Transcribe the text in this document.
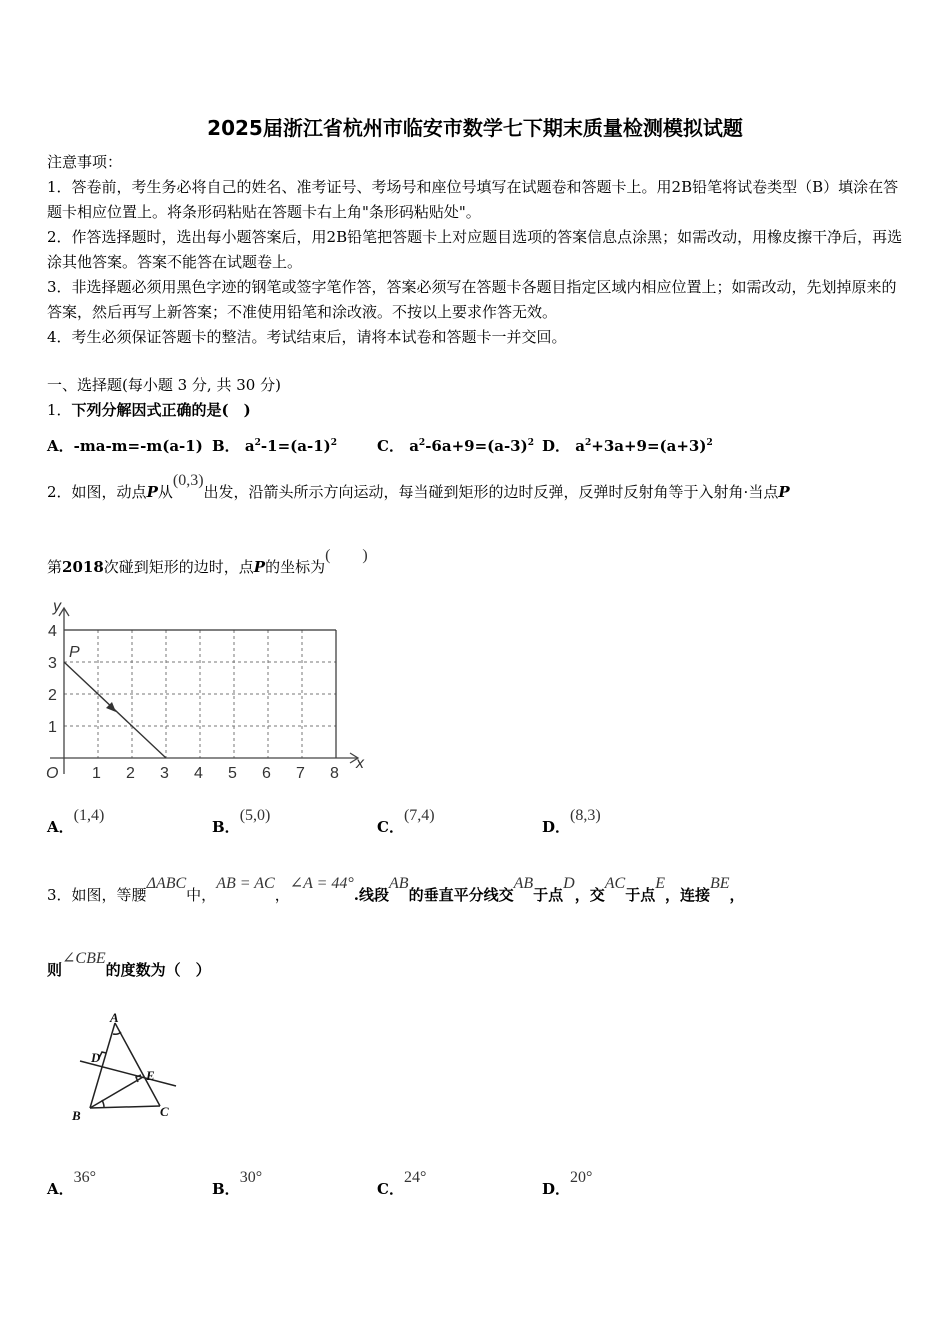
2025届浙江省杭州市临安市数学七下期末质量检测模拟试题

注意事项：

1．答卷前，考生务必将自己的姓名、准考证号、考场号和座位号填写在试题卷和答题卡上。用2B铅笔将试卷类型（B）填涂在答题卡相应位置上。将条形码粘贴在答题卡右上角"条形码粘贴处"。

2．作答选择题时，选出每小题答案后，用2B铅笔把答题卡上对应题目选项的答案信息点涂黑；如需改动，用橡皮擦干净后，再选涂其他答案。答案不能答在试题卷上。

3．非选择题必须用黑色字迹的钢笔或签字笔作答，答案必须写在答题卡各题目指定区域内相应位置上；如需改动，先划掉原来的答案，然后再写上新答案；不准使用铅笔和涂改液。不按以上要求作答无效。

4．考生必须保证答题卡的整洁。考试结束后，请将本试卷和答题卡一并交回。

一、选择题(每小题 3 分, 共 30 分)
1．下列分解因式正确的是(　)
A．-ma-m=-m(a-1) B． $a^2-1=(a-1)^2$	C． $a^2-6a+9=(a-3)^2$ D． $a^2+3a+9=(a+3)^2$
2．如图，动点P从(0,3)出发，沿箭头所示方向运动，每当碰到矩形的边时反弹，反弹时反射角等于入射角·当点P
第2018次碰到矩形的边时，点P的坐标为(　　)
y
x
O
P
4
3
2
1
1 2 3 4 5 6 7 8
A．(1,4)
B．(5,0)
C．(7,4)
D．(8,3)
3．如图，等腰ΔABC中，AB = AC，∠A = 44°.线段AB的垂直平分线交AB于点D，交AC于点E，连接BE，
则∠CBE的度数为（　）
A
B	C
D
E
A．36°
B．30°
C．24°
D．20°
